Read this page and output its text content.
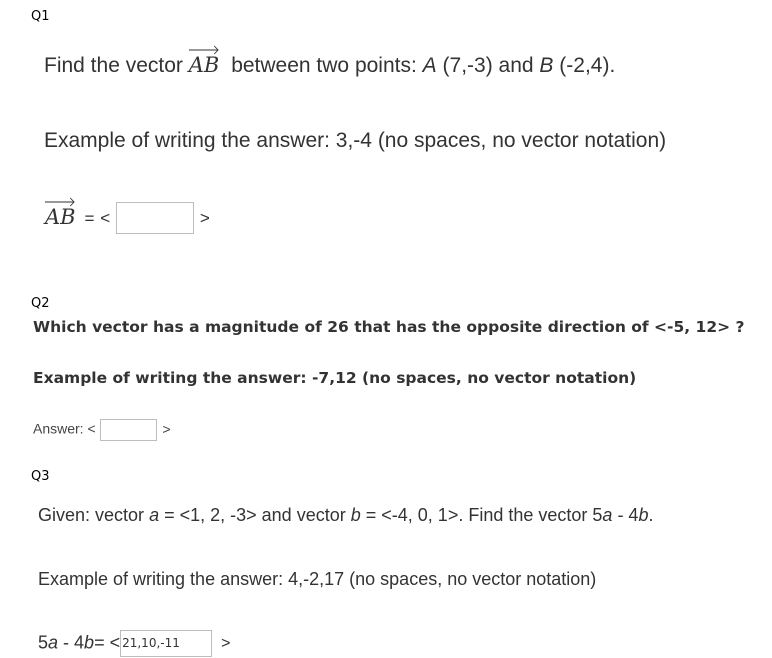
Q1
Find the vector AB between two points: A (7,-3) and B (-2,4).
Example of writing the answer: 3,-4 (no spaces, no vector notation)
AB = <	>
Q2
Which vector has a magnitude of 26 that has the opposite direction of <-5, 12> ?
Example of writing the answer: -7,12 (no spaces, no vector notation)
Answer: <	>
Q3
Given: vector a = <1, 2, -3> and vector b = <-4, 0, 1>. Find the vector 5a - 4b.
Example of writing the answer: 4,-2,17 (no spaces, no vector notation)
5a - 4b= < 21,10,-11	>
